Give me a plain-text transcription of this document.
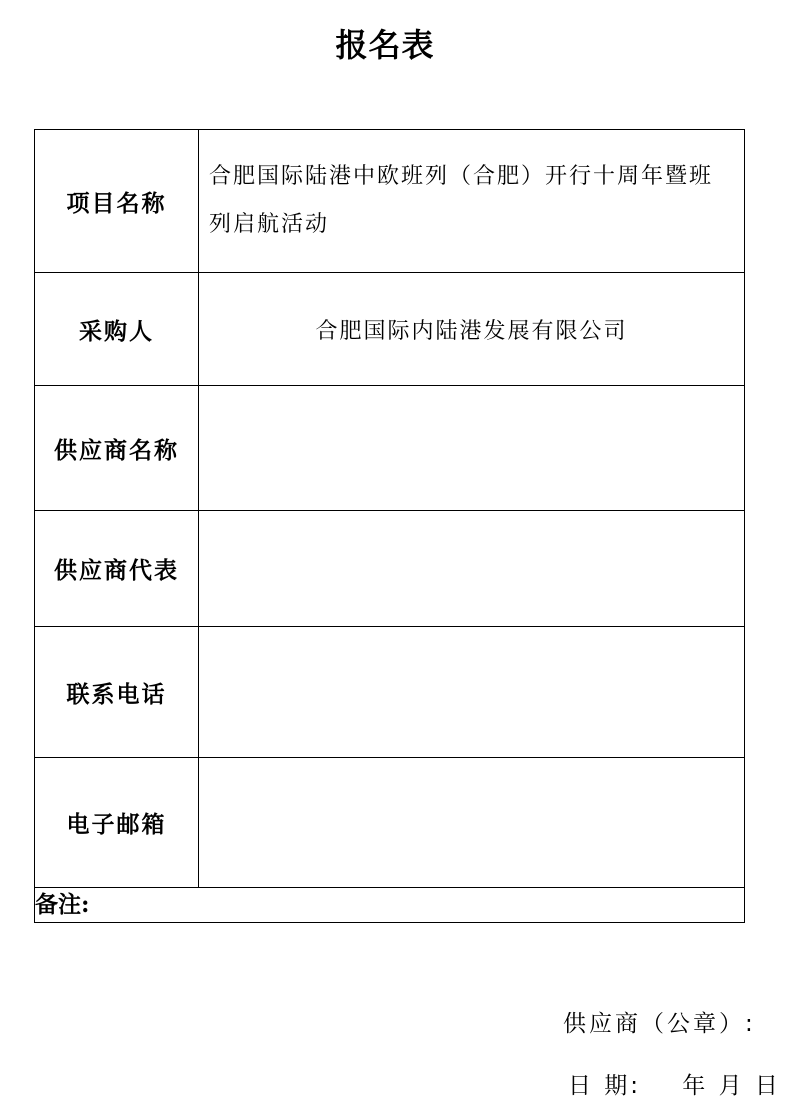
报名表
项目名称	合肥国际陆港中欧班列（合肥）开行十周年暨班列启航活动
采购人	合肥国际内陆港发展有限公司
供应商名称	
供应商代表	
联系电话	
电子邮箱	
备注:	
供应商（公章）:
日 期:    年 月 日
